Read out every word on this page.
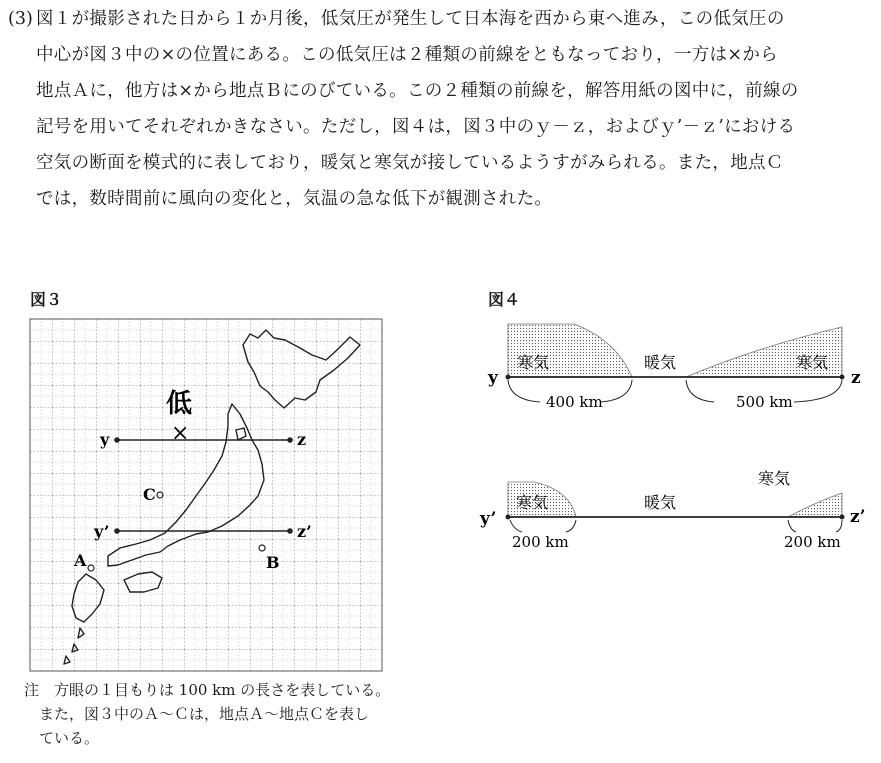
(3) 図１が撮影された日から１か月後，低気圧が発生して日本海を西から東へ進み，この低気圧の
中心が図３中の×の位置にある。この低気圧は２種類の前線をともなっており，一方は×から
地点Ａに，他方は×から地点Ｂにのびている。この２種類の前線を，解答用紙の図中に，前線の
記号を用いてそれぞれかきなさい。ただし，図４は，図３中のｙ－ｚ，およびｙ’－ｚ’における
空気の断面を模式的に表しており，暖気と寒気が接しているようすがみられる。また，地点Ｃ
では，数時間前に風向の変化と，気温の急な低下が観測された。
図３	図４
低
×
y	z
y’	z’
C
A	B
y	z
寒気	暖気	寒気
400 km	500 km
y’	z’
寒気	暖気
寒気
200 km	200 km
注　方眼の１目もりは 100 km の長さを表している。
　また，図３中のＡ～Ｃは，地点Ａ～地点Ｃを表し
　ている。
